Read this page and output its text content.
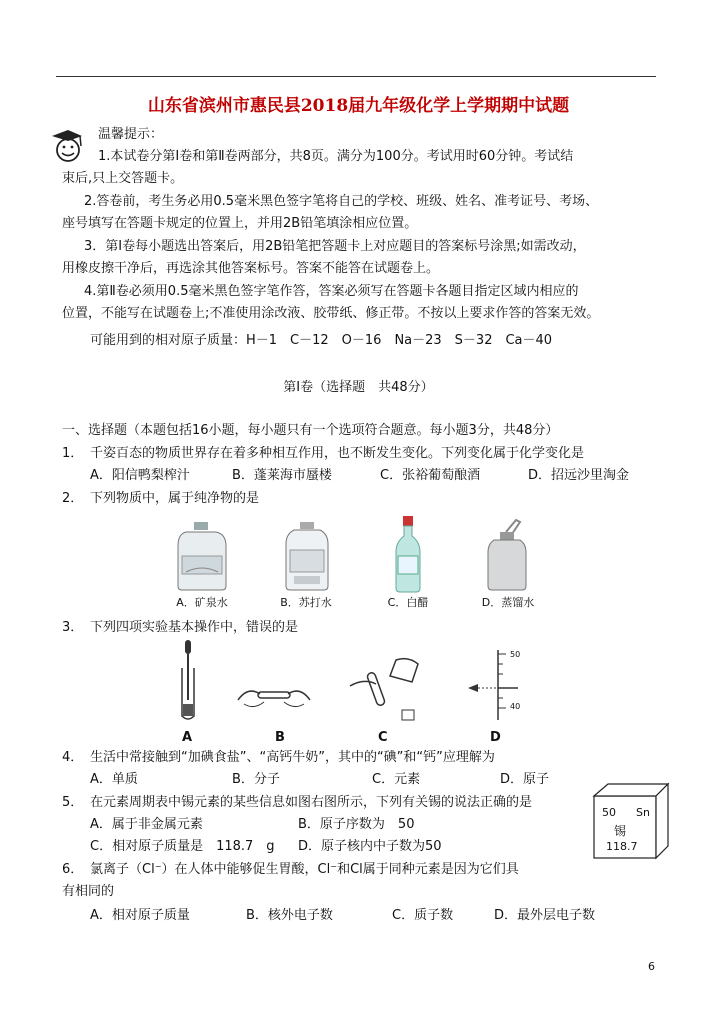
山东省滨州市惠民县2018届九年级化学上学期期中试题
温馨提示：
1.本试卷分第Ⅰ卷和第Ⅱ卷两部分，共8页。满分为100分。考试用时60分钟。考试结
束后,只上交答题卡。
2.答卷前，考生务必用0.5毫米黑色签字笔将自己的学校、班级、姓名、准考证号、考场、
座号填写在答题卡规定的位置上，并用2B铅笔填涂相应位置。
3．第Ⅰ卷每小题选出答案后，用2B铅笔把答题卡上对应题目的答案标号涂黑;如需改动，
用橡皮擦干净后，再选涂其他答案标号。答案不能答在试题卷上。
4.第Ⅱ卷必须用0.5毫米黑色签字笔作答，答案必须写在答题卡各题目指定区域内相应的
位置，不能写在试题卷上;不准使用涂改液、胶带纸、修正带。不按以上要求作答的答案无效。
可能用到的相对原子质量：H－1　C－12　O－16　Na－23　S－32　Ca－40
第Ⅰ卷（选择题　共48分）
一、选择题（本题包括16小题，每小题只有一个选项符合题意。每小题3分，共48分）
1． 千姿百态的物质世界存在着多种相互作用，也不断发生变化。下列变化属于化学变化是
A．阳信鸭梨榨汁	B．蓬莱海市蜃楼	C．张裕葡萄酿酒	D．招远沙里淘金
2． 下列物质中，属于纯净物的是
A．矿泉水	B．苏打水	C．白醋	D．蒸馏水
3． 下列四项实验基本操作中，错误的是
50
40
A	B	C	D
4． 生活中常接触到“加碘食盐”、“高钙牛奶”，其中的“碘”和“钙”应理解为
A．单质	B．分子	C．元素	D．原子
5． 在元素周期表中锡元素的某些信息如图右图所示，下列有关锡的说法正确的是
A．属于非金属元素	B．原子序数为　50
C．相对原子质量是　118.7　g D．原子核内中子数为50
50 Sn
锡
118.7
6． 氯离子（Cl⁻）在人体中能够促生胃酸，Cl⁻和Cl属于同种元素是因为它们具
有相同的
A．相对原子质量	B．核外电子数	C．质子数	D．最外层电子数
6
